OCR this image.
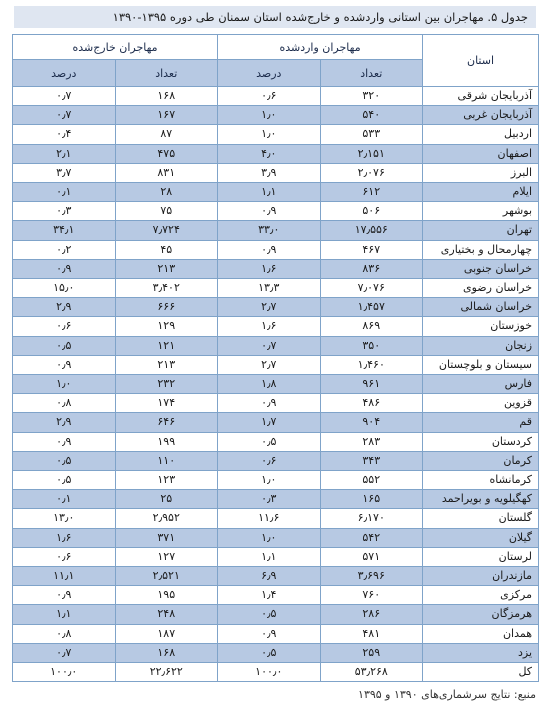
جدول ۵. مهاجران بین استانی وارد‌شده و خارج‌شده استان سمنان طی دوره ۱۳۹۵-۱۳۹۰
استان	مهاجران وارد‌شده		مهاجران خارج‌شده	
	تعداد	درصد	تعداد	درصد
آذربایجان شرقی	۳۲۰	۰٫۶	۱۶۸	۰٫۷
آذربایجان غربی	۵۴۰	۱٫۰	۱۶۷	۰٫۷
اردبیل	۵۳۳	۱٫۰	۸۷	۰٫۴
اصفهان	۲٫۱۵۱	۴٫۰	۴۷۵	۲٫۱
البرز	۲٫۰۷۶	۳٫۹	۸۳۱	۳٫۷
ایلام	۶۱۲	۱٫۱	۲۸	۰٫۱
بوشهر	۵۰۶	۰٫۹	۷۵	۰٫۳
تهران	۱۷٫۵۵۶	۳۳٫۰	۷٫۷۲۴	۳۴٫۱
چهارمحال و بختیاری	۴۶۷	۰٫۹	۴۵	۰٫۲
خراسان جنوبی	۸۳۶	۱٫۶	۲۱۳	۰٫۹
خراسان رضوی	۷٫۰۷۶	۱۳٫۳	۳٫۴۰۲	۱۵٫۰
خراسان شمالی	۱٫۴۵۷	۲٫۷	۶۶۶	۲٫۹
خوزستان	۸۶۹	۱٫۶	۱۲۹	۰٫۶
زنجان	۳۵۰	۰٫۷	۱۲۱	۰٫۵
سیستان و بلوچستان	۱٫۴۶۰	۲٫۷	۲۱۳	۰٫۹
فارس	۹۶۱	۱٫۸	۲۳۲	۱٫۰
قزوین	۴۸۶	۰٫۹	۱۷۴	۰٫۸
قم	۹۰۴	۱٫۷	۶۴۶	۲٫۹
کردستان	۲۸۳	۰٫۵	۱۹۹	۰٫۹
کرمان	۳۴۳	۰٫۶	۱۱۰	۰٫۵
کرمانشاه	۵۵۲	۱٫۰	۱۲۳	۰٫۵
کهگیلویه و بویراحمد	۱۶۵	۰٫۳	۲۵	۰٫۱
گلستان	۶٫۱۷۰	۱۱٫۶	۲٫۹۵۲	۱۳٫۰
گیلان	۵۴۲	۱٫۰	۳۷۱	۱٫۶
لرستان	۵۷۱	۱٫۱	۱۲۷	۰٫۶
مازندران	۳٫۶۹۶	۶٫۹	۲٫۵۲۱	۱۱٫۱
مرکزی	۷۶۰	۱٫۴	۱۹۵	۰٫۹
هرمزگان	۲۸۶	۰٫۵	۲۴۸	۱٫۱
همدان	۴۸۱	۰٫۹	۱۸۷	۰٫۸
یزد	۲۵۹	۰٫۵	۱۶۸	۰٫۷
کل	۵۳٫۲۶۸	۱۰۰٫۰	۲۲٫۶۲۲	۱۰۰٫۰
منبع: نتایج سرشماری‌های ۱۳۹۰ و ۱۳۹۵
